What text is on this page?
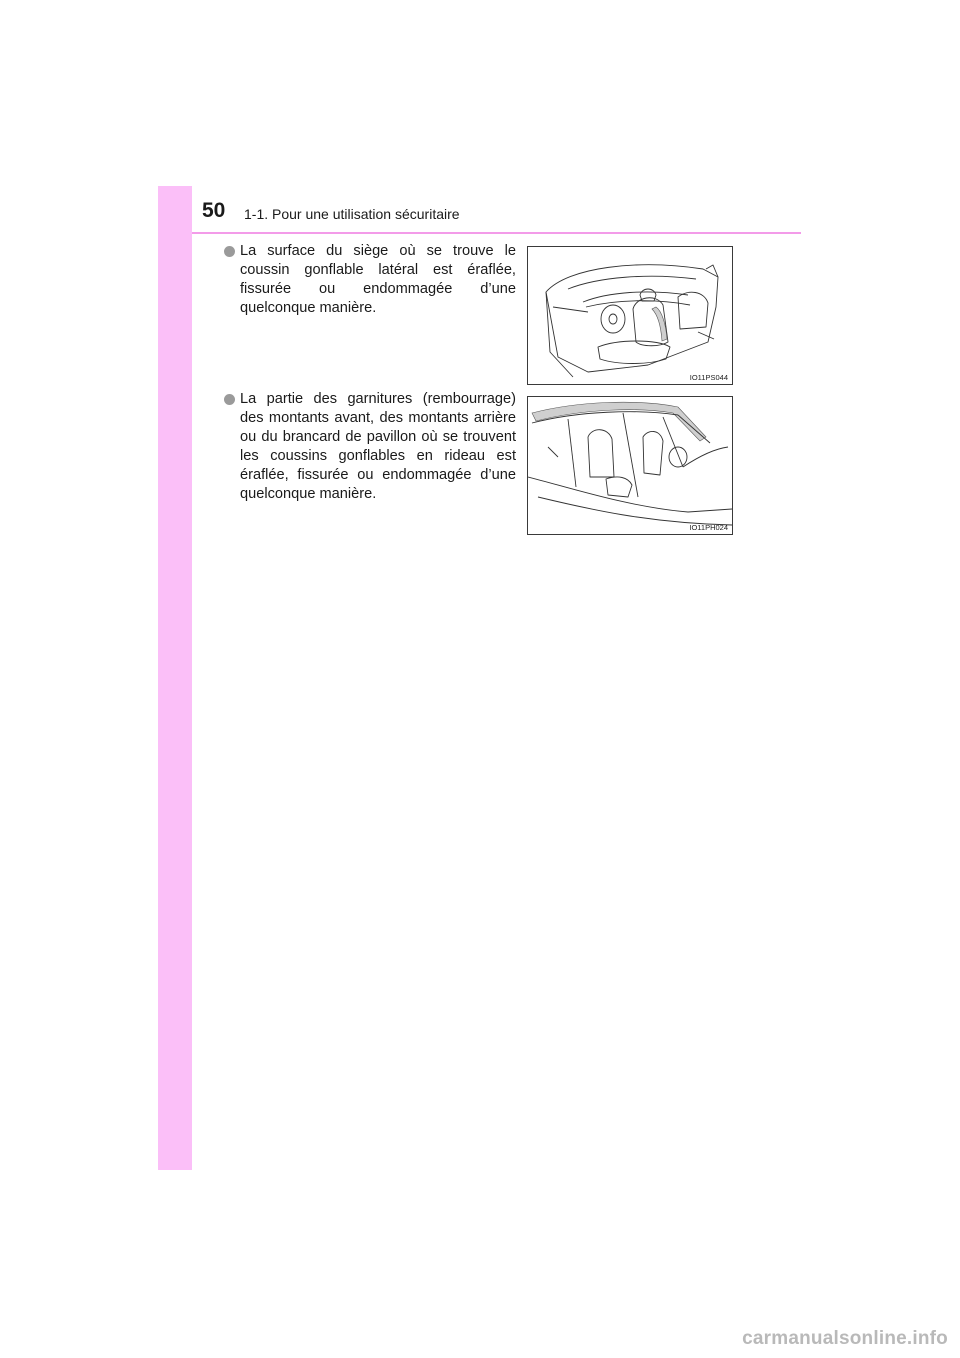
50 1-1. Pour une utilisation sécuritaire
La surface du siège où se trouve le coussin gonflable latéral est éraflée, fissurée ou endommagée d’une quelconque manière.
IO11PS044
La partie des garnitures (rembourrage) des montants avant, des montants arrière ou du brancard de pavillon où se trouvent les coussins gonflables en rideau est éraflée, fissurée ou endommagée d’une quelconque manière.
IO11PH024
carmanualsonline.info
